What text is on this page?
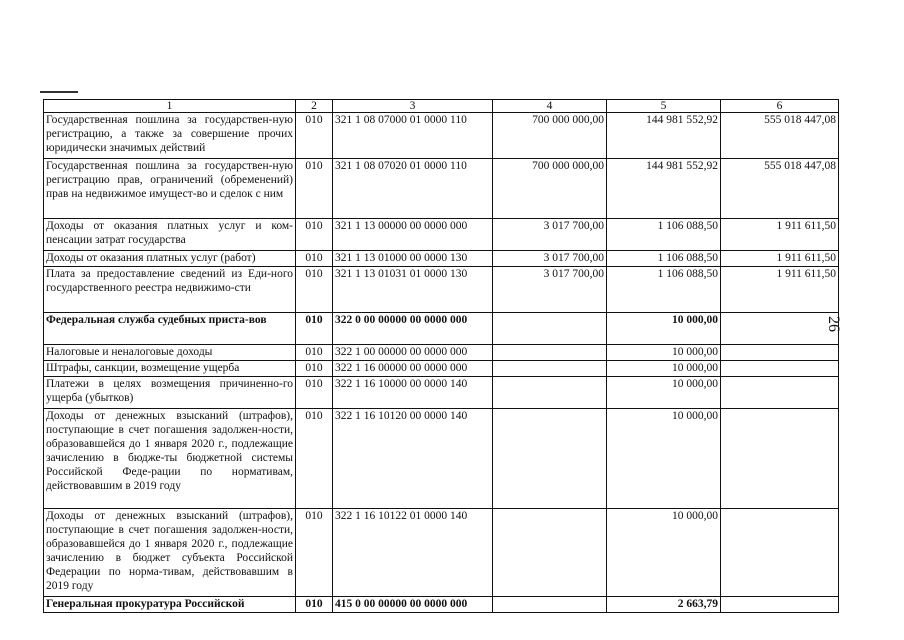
26
1	2	3	4	5	6
Государственная пошлина за государствен-ную регистрацию, а также за совершение прочих юридически значимых действий	010	321 1 08 07000 01 0000 110	700 000 000,00	144 981 552,92	555 018 447,08
Государственная пошлина за государствен-ную регистрацию прав, ограничений (обременений) прав на недвижимое имущест-во и сделок с ним	010	321 1 08 07020 01 0000 110	700 000 000,00	144 981 552,92	555 018 447,08
Доходы от оказания платных услуг и ком-пенсации затрат государства	010	321 1 13 00000 00 0000 000	3 017 700,00	1 106 088,50	1 911 611,50
Доходы от оказания платных услуг (работ)	010	321 1 13 01000 00 0000 130	3 017 700,00	1 106 088,50	1 911 611,50
Плата за предоставление сведений из Еди-ного государственного реестра недвижимо-сти	010	321 1 13 01031 01 0000 130	3 017 700,00	1 106 088,50	1 911 611,50
Федеральная служба судебных приста-вов	010	322 0 00 00000 00 0000 000		10 000,00	
Налоговые и неналоговые доходы	010	322 1 00 00000 00 0000 000		10 000,00	
Штрафы, санкции, возмещение ущерба	010	322 1 16 00000 00 0000 000		10 000,00	
Платежи в целях возмещения причиненно-го ущерба (убытков)	010	322 1 16 10000 00 0000 140		10 000,00	
Доходы от денежных взысканий (штрафов), поступающие в счет погашения задолжен-ности, образовавшейся до 1 января 2020 г., подлежащие зачислению в бюдже-ты бюджетной системы Российской Феде-рации по нормативам, действовавшим в 2019 году	010	322 1 16 10120 00 0000 140		10 000,00	
Доходы от денежных взысканий (штрафов), поступающие в счет погашения задолжен-ности, образовавшейся до 1 января 2020 г., подлежащие зачислению в бюджет субъекта Российской Федерации по норма-тивам, действовавшим в 2019 году	010	322 1 16 10122 01 0000 140		10 000,00	
Генеральная прокуратура Российской	010	415 0 00 00000 00 0000 000		2 663,79	
